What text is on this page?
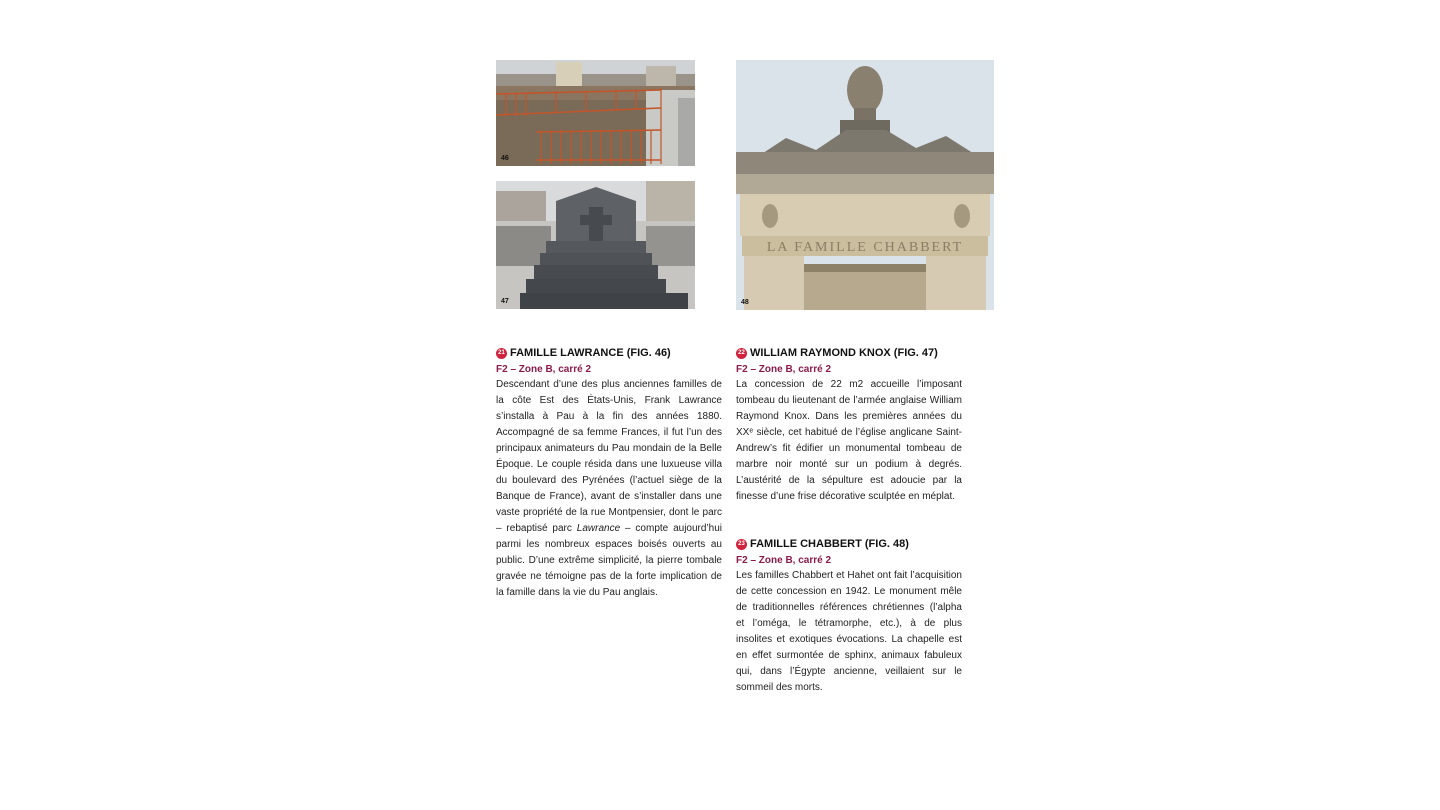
46
47
LA FAMILLE CHABBERT
48
21 FAMILLE LAWRANCE (FIG. 46)
F2 – Zone B, carré 2

Descendant d’une des plus anciennes familles de la côte Est des États-Unis, Frank Lawrance s’installa à Pau à la fin des années 1880. Accompagné de sa femme Frances, il fut l’un des principaux animateurs du Pau mondain de la Belle Époque. Le couple résida dans une luxueuse villa du boulevard des Pyrénées (l’actuel siège de la Banque de France), avant de s’installer dans une vaste propriété de la rue Montpensier, dont le parc – rebaptisé parc Lawrance – compte aujourd’hui parmi les nombreux espaces boisés ouverts au public. D’une extrême simplicité, la pierre tombale gravée ne témoigne pas de la forte implication de la famille dans la vie du Pau anglais.

22 WILLIAM RAYMOND KNOX (FIG. 47)
F2 – Zone B, carré 2

La concession de 22 m2 accueille l’imposant tombeau du lieutenant de l’armée anglaise William Raymond Knox. Dans les premières années du XXᵉ siècle, cet habitué de l’église anglicane Saint-Andrew’s fit édifier un monumental tombeau de marbre noir monté sur un podium à degrés. L’austérité de la sépulture est adoucie par la finesse d’une frise décorative sculptée en méplat.

23 FAMILLE CHABBERT (FIG. 48)
F2 – Zone B, carré 2

Les familles Chabbert et Hahet ont fait l’acquisition de cette concession en 1942. Le monument mêle de traditionnelles références chrétiennes (l’alpha et l’oméga, le tétramorphe, etc.), à de plus insolites et exotiques évocations. La chapelle est en effet surmontée de sphinx, animaux fabuleux qui, dans l’Égypte ancienne, veillaient sur le sommeil des morts.
